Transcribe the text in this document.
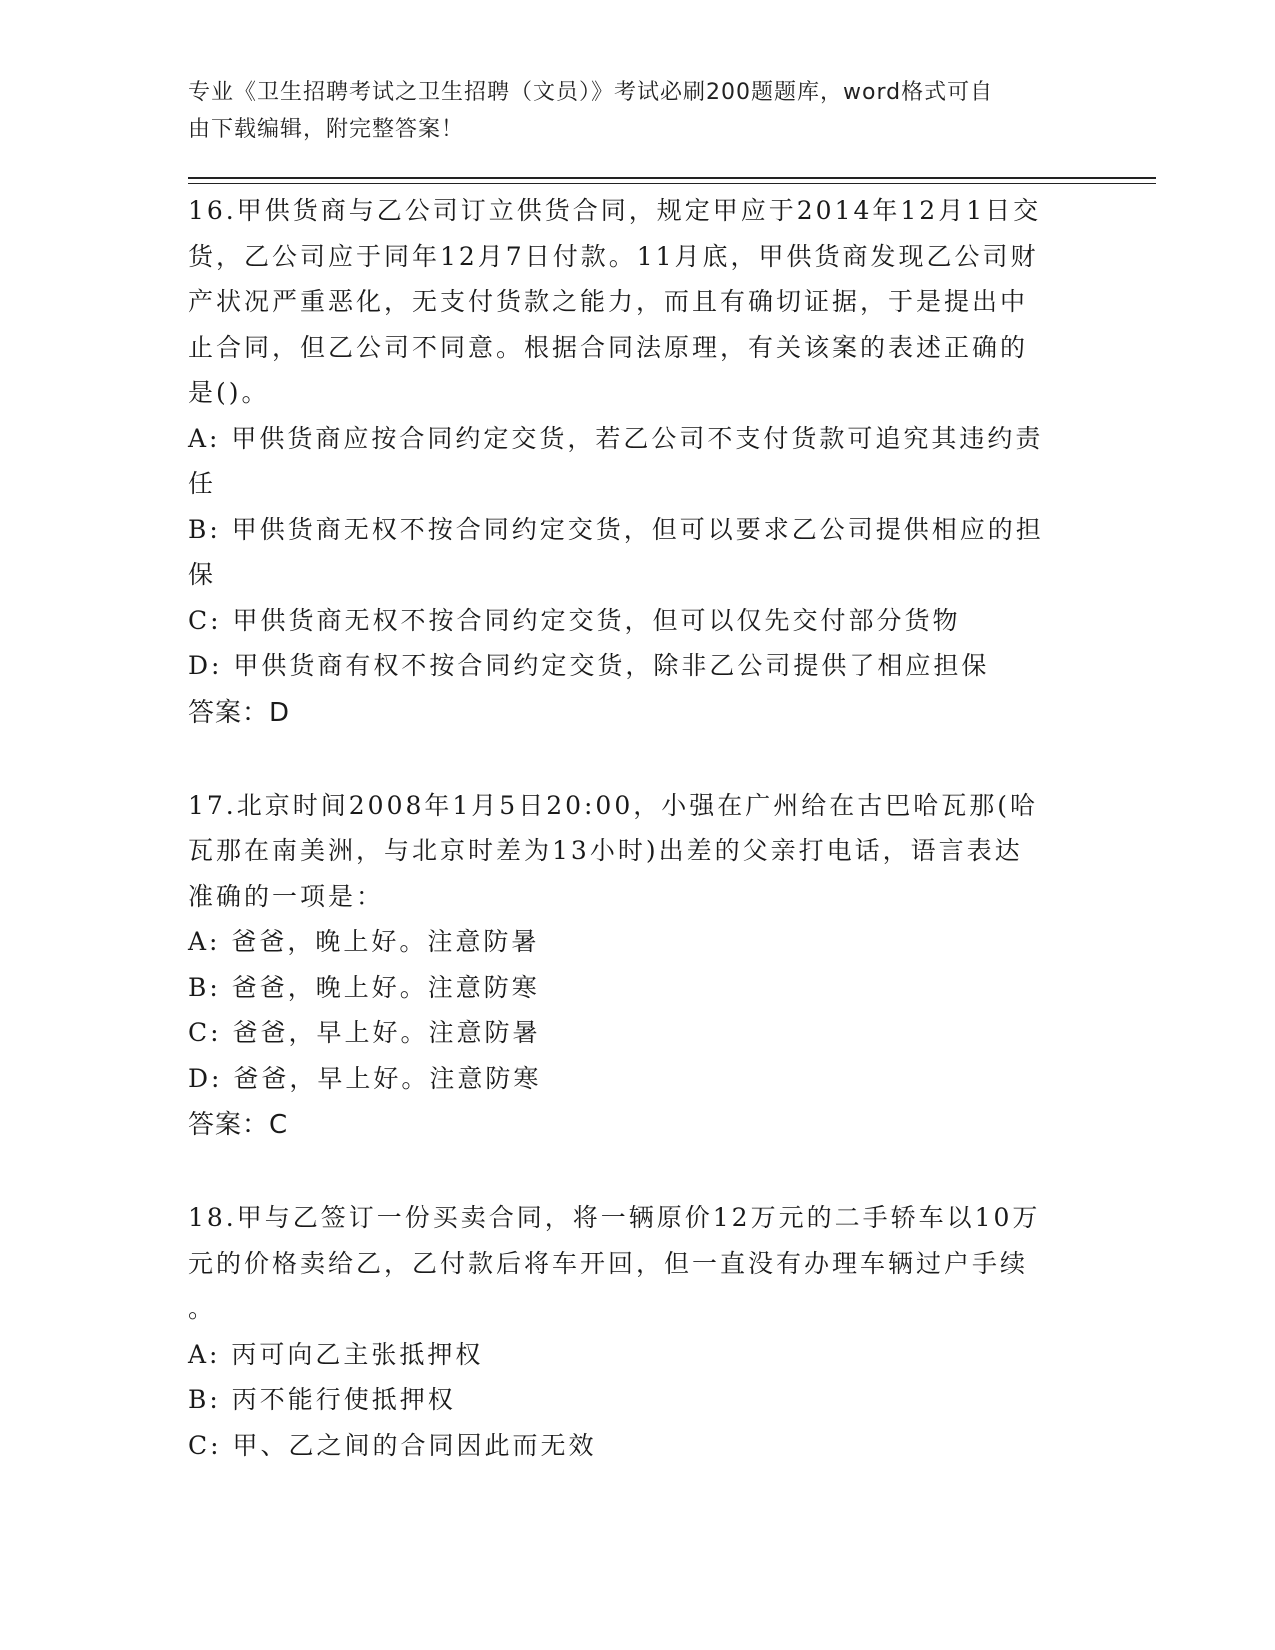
专业《卫生招聘考试之卫生招聘（文员）》考试必刷200题题库，word格式可自
由下载编辑，附完整答案！
16.甲供货商与乙公司订立供货合同，规定甲应于2014年12月1日交
货，乙公司应于同年12月7日付款。11月底，甲供货商发现乙公司财
产状况严重恶化，无支付货款之能力，而且有确切证据，于是提出中
止合同，但乙公司不同意。根据合同法原理，有关该案的表述正确的
是()。
A: 甲供货商应按合同约定交货，若乙公司不支付货款可追究其违约责
任
B: 甲供货商无权不按合同约定交货，但可以要求乙公司提供相应的担
保
C: 甲供货商无权不按合同约定交货，但可以仅先交付部分货物
D: 甲供货商有权不按合同约定交货，除非乙公司提供了相应担保
答案：D
17.北京时间2008年1月5日20:00，小强在广州给在古巴哈瓦那(哈
瓦那在南美洲，与北京时差为13小时)出差的父亲打电话，语言表达
准确的一项是：
A: 爸爸，晚上好。注意防暑
B: 爸爸，晚上好。注意防寒
C: 爸爸，早上好。注意防暑
D: 爸爸，早上好。注意防寒
答案：C
18.甲与乙签订一份买卖合同，将一辆原价12万元的二手轿车以10万
元的价格卖给乙，乙付款后将车开回，但一直没有办理车辆过户手续
。
A: 丙可向乙主张抵押权
B: 丙不能行使抵押权
C: 甲、乙之间的合同因此而无效
